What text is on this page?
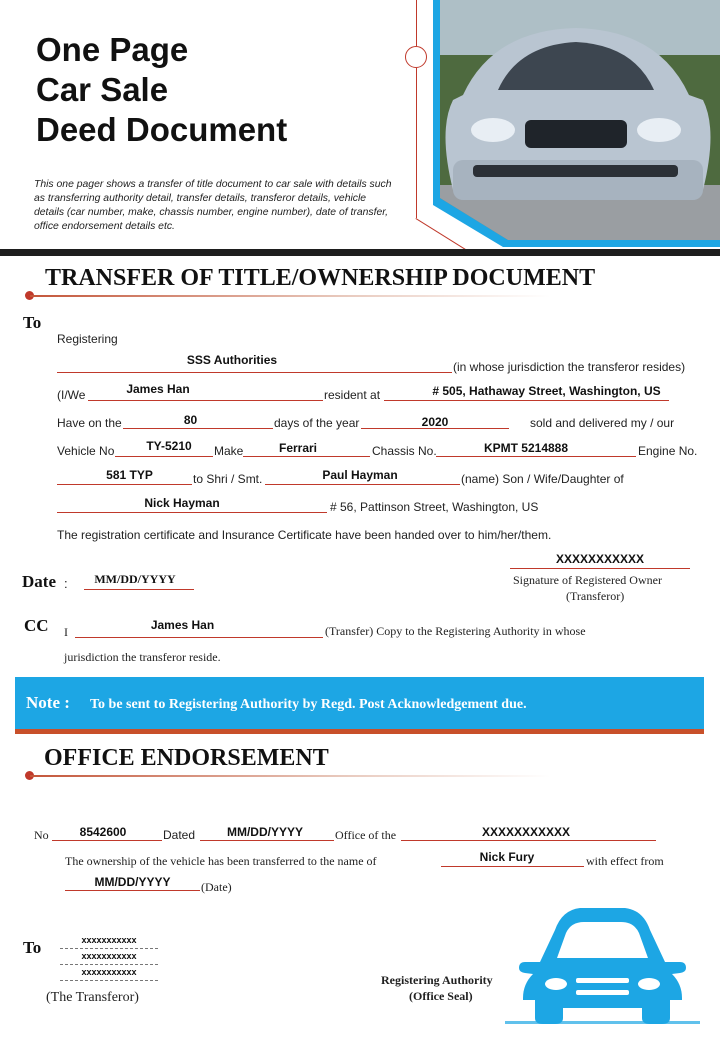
One Page
Car Sale
Deed Document
This one pager shows a transfer of title document to car sale with details such as transferring authority detail, transfer details, transferor details, vehicle details (car number, make, chassis number, engine number), date of transfer, office endorsement details etc.
TRANSFER OF TITLE/OWNERSHIP DOCUMENT
To
Registering
SSS Authorities	(in whose jurisdiction the transferor resides)
(I/We	James Han	resident at	# 505, Hathaway Street, Washington, US
Have on the	80	days of the year	2020	sold and delivered my / our
Vehicle No	TY-5210	Make	Ferrari	Chassis No.	KPMT 5214888	Engine No.
581 TYP	to Shri / Smt.	Paul Hayman	(name) Son / Wife/Daughter of
Nick Hayman	# 56, Pattinson Street, Washington, US
The registration certificate and Insurance Certificate have been handed over to him/her/them.
Date :	MM/DD/YYYY
XXXXXXXXXXX
Signature of Registered Owner
(Transferor)
CC I	James Han	(Transfer) Copy to the Registering Authority in whose
jurisdiction the transferor reside.
Note : To be sent to Registering Authority by Regd. Post Acknowledgement due.
OFFICE ENDORSEMENT
No	8542600	Dated	MM/DD/YYYY	Office of the	XXXXXXXXXXX
The ownership of the vehicle has been transferred to the name of	Nick Fury	with effect from
MM/DD/YYYY	(Date)
To	xxxxxxxxxxx
xxxxxxxxxxx
xxxxxxxxxxx
(The Transferor)
Registering Authority
(Office Seal)
